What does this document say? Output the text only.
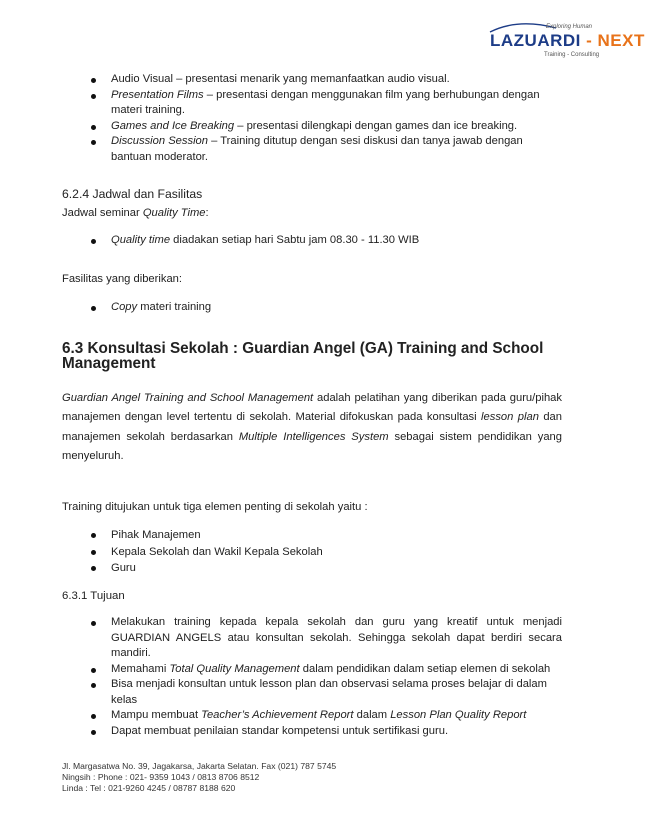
Exploring Human
LAZUARDI - NEXT
Training - Consulting
Audio Visual – presentasi menarik yang memanfaatkan audio visual.
Presentation Films – presentasi dengan menggunakan film yang berhubungan dengan materi training.
Games and Ice Breaking – presentasi dilengkapi dengan games dan ice breaking.
Discussion Session – Training ditutup dengan sesi diskusi dan tanya jawab dengan bantuan moderator.
6.2.4 Jadwal dan Fasilitas

Jadwal seminar Quality Time:

Quality time diadakan setiap hari Sabtu jam 08.30 - 11.30 WIB

Fasilitas yang diberikan:

Copy materi training
6.3 Konsultasi Sekolah : Guardian Angel (GA) Training and School Management

Guardian Angel Training and School Management adalah pelatihan yang diberikan pada guru/pihak manajemen dengan level tertentu di sekolah. Material difokuskan pada konsultasi lesson plan dan manajemen sekolah berdasarkan Multiple Intelligences System sebagai sistem pendidikan yang menyeluruh.

Training ditujukan untuk tiga elemen penting di sekolah yaitu :

Pihak Manajemen
Kepala Sekolah dan Wakil Kepala Sekolah
Guru
6.3.1 Tujuan
Melakukan training kepada kepala sekolah dan guru yang kreatif untuk menjadi GUARDIAN ANGELS atau konsultan sekolah. Sehingga sekolah dapat berdiri secara mandiri.
Memahami Total Quality Management dalam pendidikan dalam setiap elemen di sekolah
Bisa menjadi konsultan untuk lesson plan dan observasi selama proses belajar di dalam kelas
Mampu membuat Teacher’s Achievement Report dalam Lesson Plan Quality Report
Dapat membuat penilaian standar kompetensi untuk sertifikasi guru.
Jl. Margasatwa No. 39, Jagakarsa, Jakarta Selatan. Fax (021) 787 5745
Ningsih : Phone : 021- 9359 1043 / 0813 8706 8512
Linda : Tel : 021-9260 4245 / 08787 8188 620
